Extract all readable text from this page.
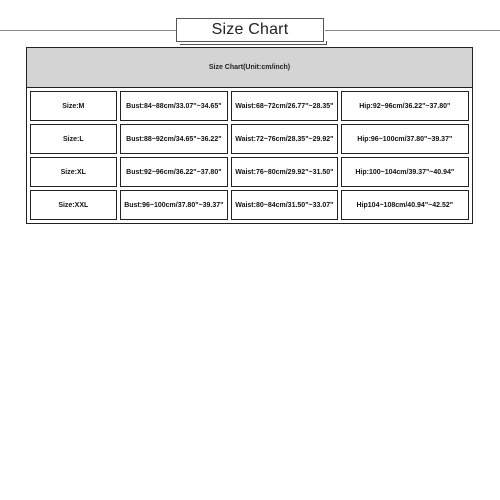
Size Chart
Size Chart(Unit:cm/inch)
Size:M	Bust:84~88cm/33.07"~34.65"	Waist:68~72cm/26.77"~28.35"	Hip:92~96cm/36.22"~37.80"
Size:L	Bust:88~92cm/34.65"~36.22"	Waist:72~76cm/28.35"~29.92"	Hip:96~100cm/37.80"~39.37"
Size:XL	Bust:92~96cm/36.22"~37.80"	Waist:76~80cm/29.92"~31.50"	Hip:100~104cm/39.37"~40.94"
Size:XXL	Bust:96~100cm/37.80"~39.37"	Waist:80~84cm/31.50"~33.07"	Hip104~108cm/40.94"~42.52"
